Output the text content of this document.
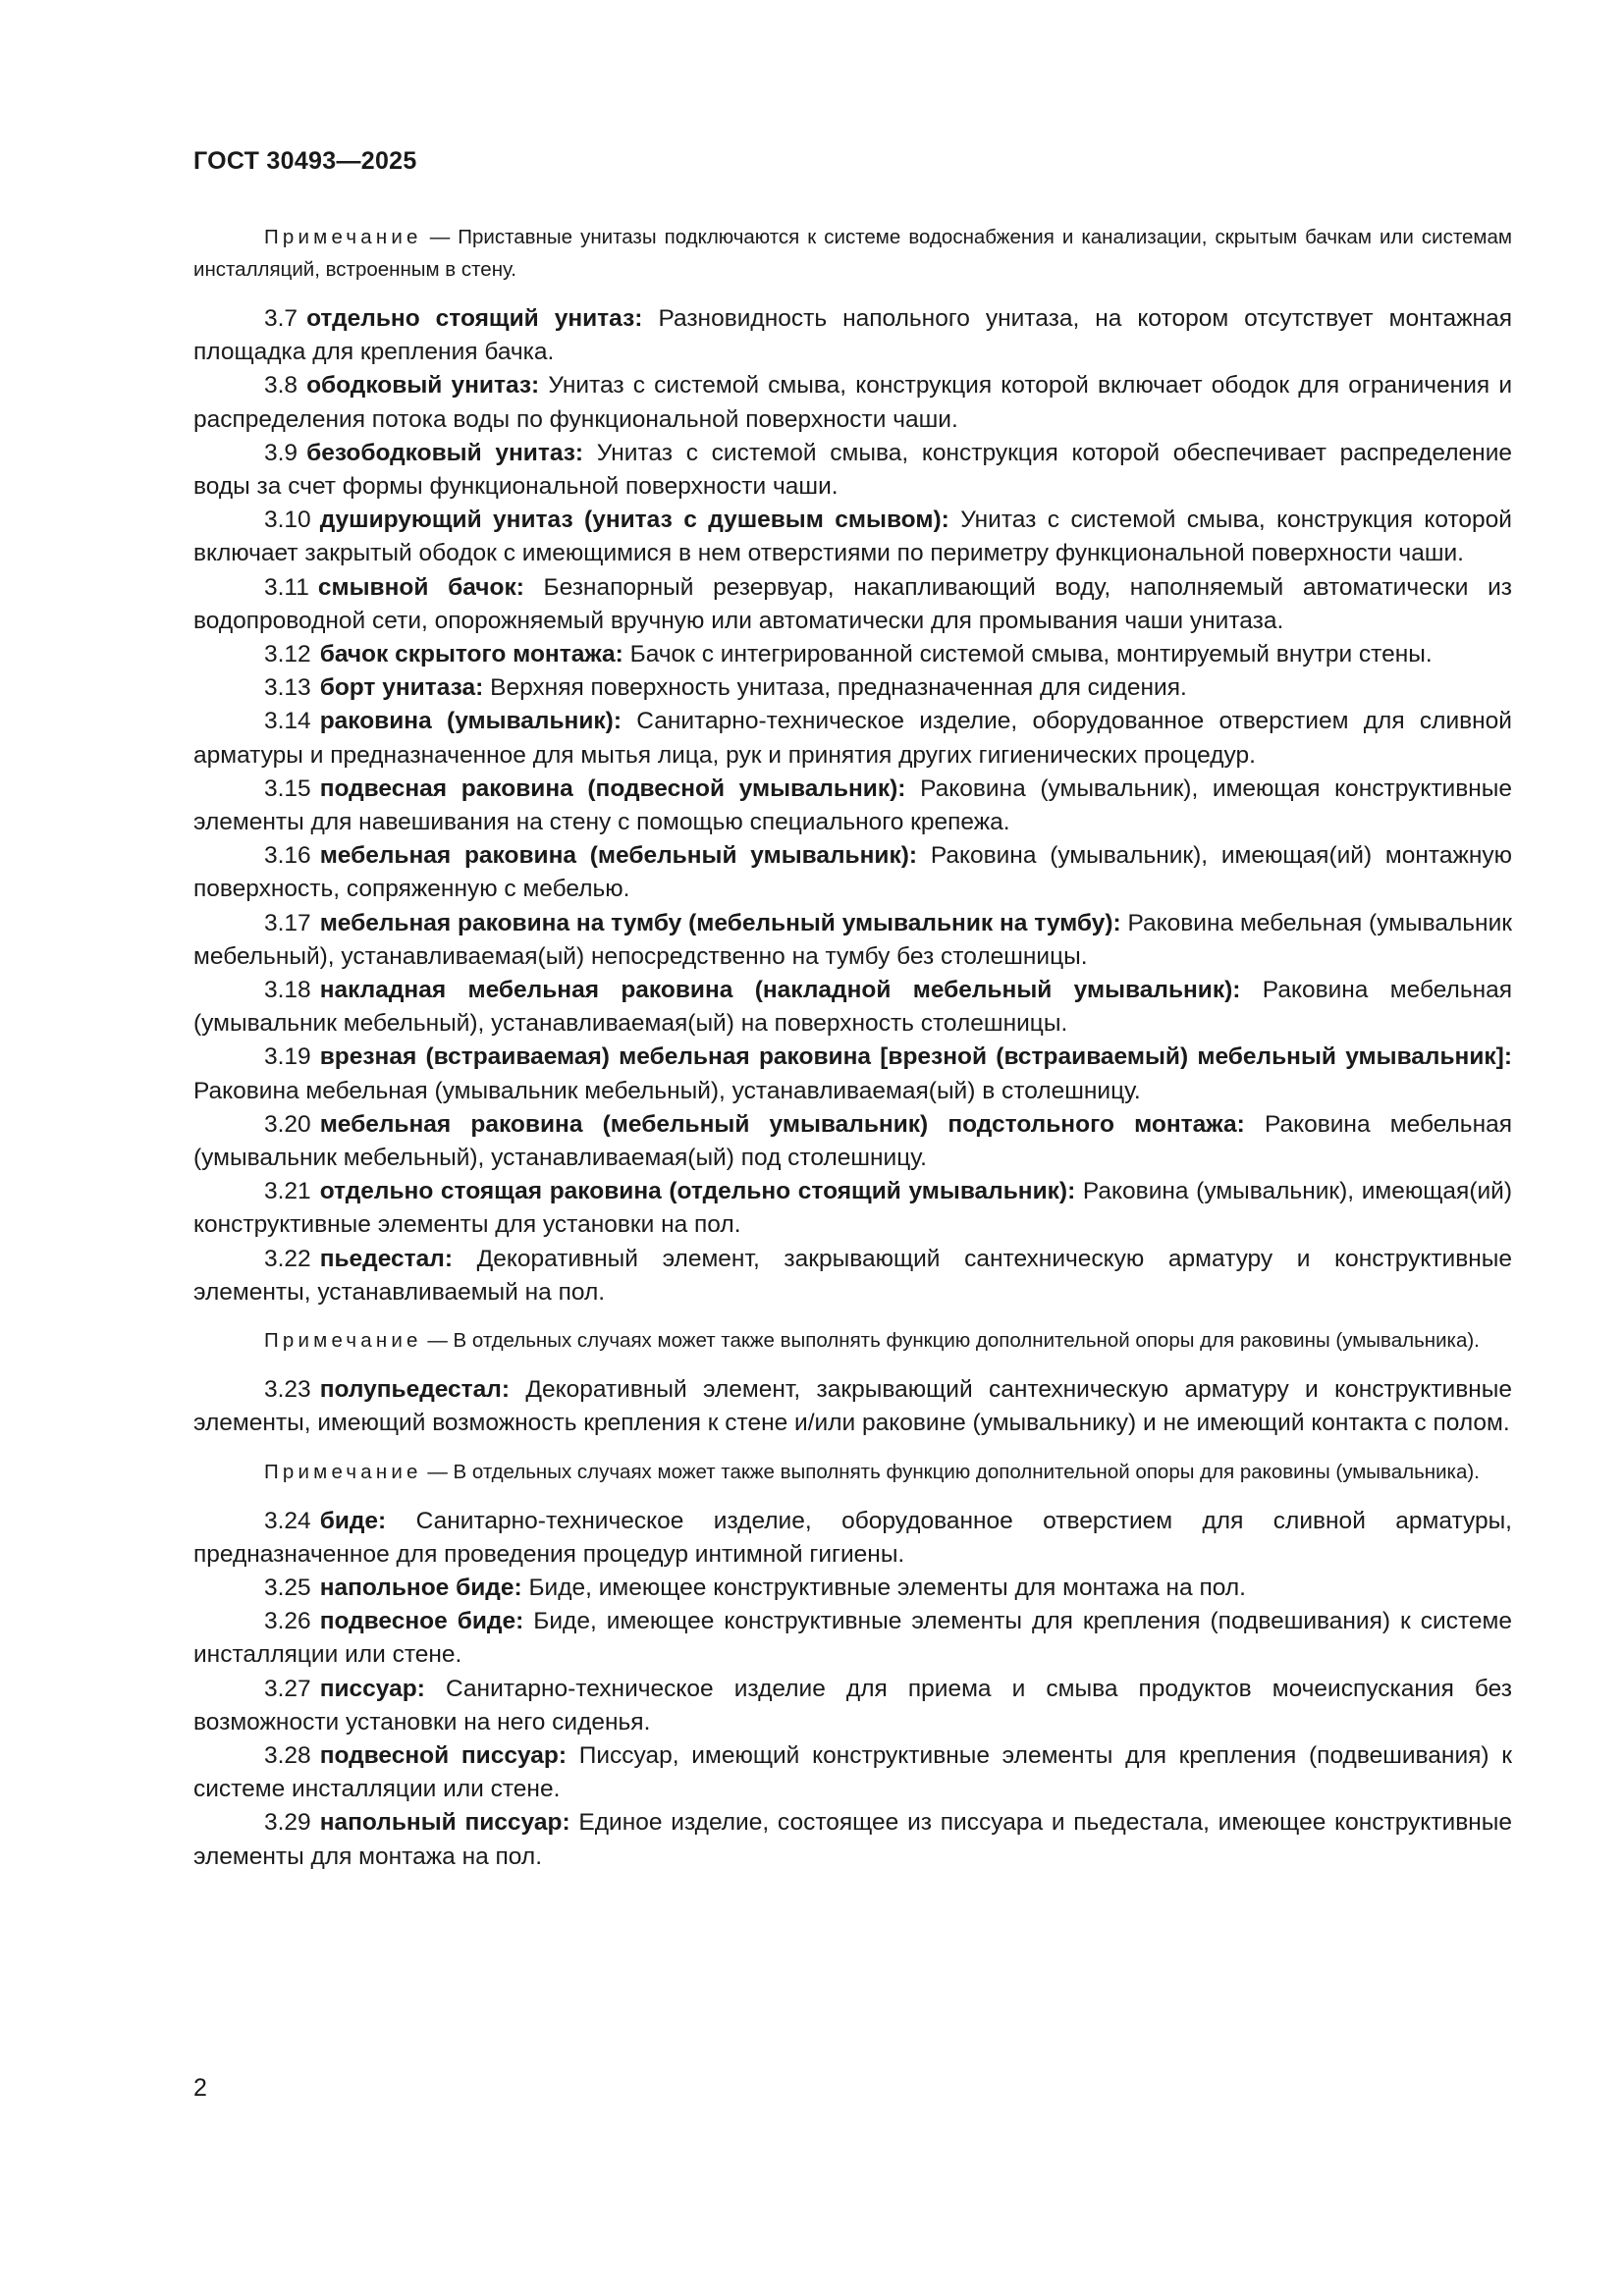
ГОСТ 30493—2025

Примечание — Приставные унитазы подключаются к системе водоснабжения и канализации, скрытым бачкам или системам инсталляций, встроенным в стену.

3.7 отдельно стоящий унитаз: Разновидность напольного унитаза, на котором отсутствует монтажная площадка для крепления бачка.

3.8 ободковый унитаз: Унитаз с системой смыва, конструкция которой включает ободок для ограничения и распределения потока воды по функциональной поверхности чаши.

3.9 безободковый унитаз: Унитаз с системой смыва, конструкция которой обеспечивает распределение воды за счет формы функциональной поверхности чаши.

3.10 душирующий унитаз (унитаз с душевым смывом): Унитаз с системой смыва, конструкция которой включает закрытый ободок с имеющимися в нем отверстиями по периметру функциональной поверхности чаши.

3.11 смывной бачок: Безнапорный резервуар, накапливающий воду, наполняемый автоматически из водопроводной сети, опорожняемый вручную или автоматически для промывания чаши унитаза.

3.12 бачок скрытого монтажа: Бачок с интегрированной системой смыва, монтируемый внутри стены.

3.13 борт унитаза: Верхняя поверхность унитаза, предназначенная для сидения.

3.14 раковина (умывальник): Санитарно-техническое изделие, оборудованное отверстием для сливной арматуры и предназначенное для мытья лица, рук и принятия других гигиенических процедур.

3.15 подвесная раковина (подвесной умывальник): Раковина (умывальник), имеющая конструктивные элементы для навешивания на стену с помощью специального крепежа.

3.16 мебельная раковина (мебельный умывальник): Раковина (умывальник), имеющая(ий) монтажную поверхность, сопряженную с мебелью.

3.17 мебельная раковина на тумбу (мебельный умывальник на тумбу): Раковина мебельная (умывальник мебельный), устанавливаемая(ый) непосредственно на тумбу без столешницы.

3.18 накладная мебельная раковина (накладной мебельный умывальник): Раковина мебельная (умывальник мебельный), устанавливаемая(ый) на поверхность столешницы.

3.19 врезная (встраиваемая) мебельная раковина [врезной (встраиваемый) мебельный умывальник]: Раковина мебельная (умывальник мебельный), устанавливаемая(ый) в столешницу.

3.20 мебельная раковина (мебельный умывальник) подстольного монтажа: Раковина мебельная (умывальник мебельный), устанавливаемая(ый) под столешницу.

3.21 отдельно стоящая раковина (отдельно стоящий умывальник): Раковина (умывальник), имеющая(ий) конструктивные элементы для установки на пол.

3.22 пьедестал: Декоративный элемент, закрывающий сантехническую арматуру и конструктивные элементы, устанавливаемый на пол.

Примечание — В отдельных случаях может также выполнять функцию дополнительной опоры для раковины (умывальника).

3.23 полупьедестал: Декоративный элемент, закрывающий сантехническую арматуру и конструктивные элементы, имеющий возможность крепления к стене и/или раковине (умывальнику) и не имеющий контакта с полом.

Примечание — В отдельных случаях может также выполнять функцию дополнительной опоры для раковины (умывальника).

3.24 биде: Санитарно-техническое изделие, оборудованное отверстием для сливной арматуры, предназначенное для проведения процедур интимной гигиены.

3.25 напольное биде: Биде, имеющее конструктивные элементы для монтажа на пол.

3.26 подвесное биде: Биде, имеющее конструктивные элементы для крепления (подвешивания) к системе инсталляции или стене.

3.27 писсуар: Санитарно-техническое изделие для приема и смыва продуктов мочеиспускания без возможности установки на него сиденья.

3.28 подвесной писсуар: Писсуар, имеющий конструктивные элементы для крепления (подвешивания) к системе инсталляции или стене.

3.29 напольный писсуар: Единое изделие, состоящее из писсуара и пьедестала, имеющее конструктивные элементы для монтажа на пол.

2
